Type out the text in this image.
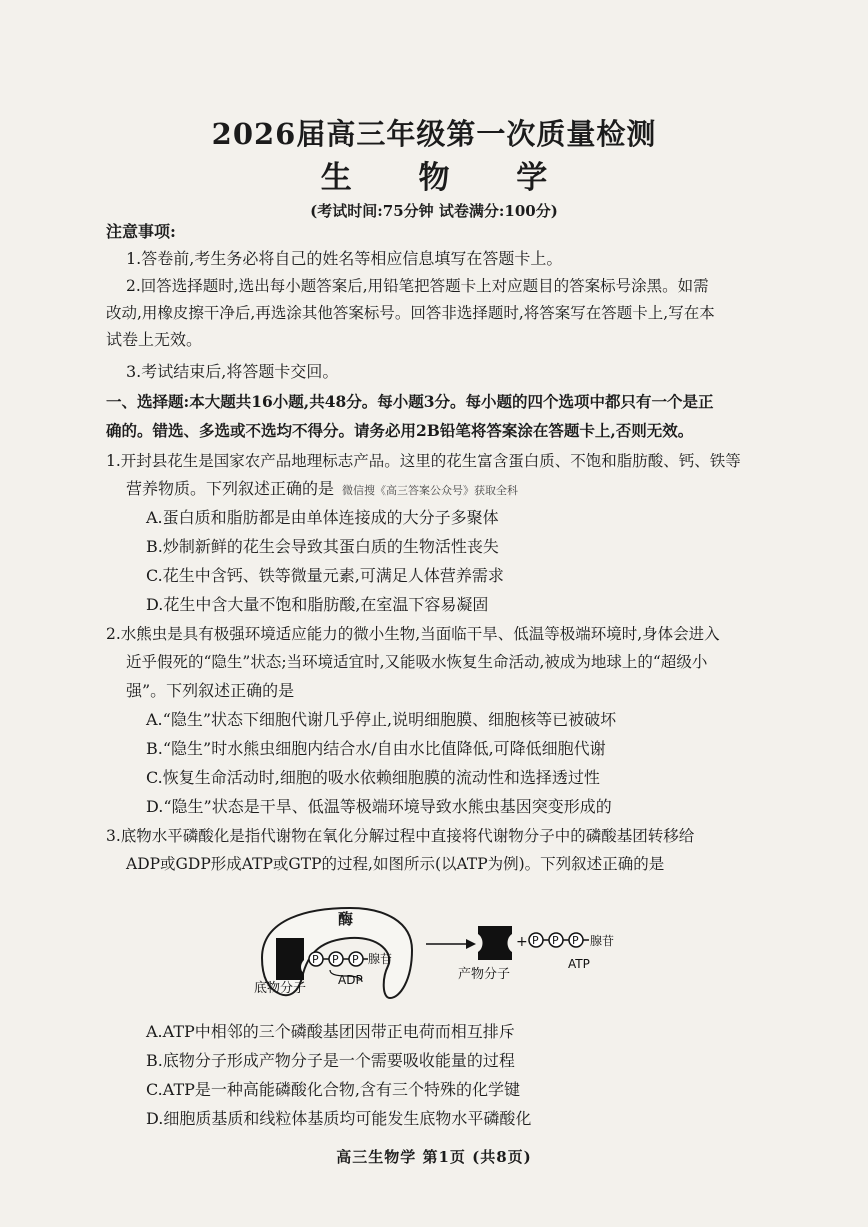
2026届高三年级第一次质量检测
生 物 学
(考试时间:75分钟 试卷满分:100分)
注意事项:
1.答卷前,考生务必将自己的姓名等相应信息填写在答题卡上。
2.回答选择题时,选出每小题答案后,用铅笔把答题卡上对应题目的答案标号涂黑。如需
改动,用橡皮擦干净后,再选涂其他答案标号。回答非选择题时,将答案写在答题卡上,写在本
试卷上无效。
3.考试结束后,将答题卡交回。
一、选择题:本大题共16小题,共48分。每小题3分。每小题的四个选项中都只有一个是正
确的。错选、多选或不选均不得分。请务必用2B铅笔将答案涂在答题卡上,否则无效。
1.开封县花生是国家农产品地理标志产品。这里的花生富含蛋白质、不饱和脂肪酸、钙、铁等
营养物质。下列叙述正确的是 微信搜《高三答案公众号》获取全科
A.蛋白质和脂肪都是由单体连接成的大分子多聚体
B.炒制新鲜的花生会导致其蛋白质的生物活性丧失
C.花生中含钙、铁等微量元素,可满足人体营养需求
D.花生中含大量不饱和脂肪酸,在室温下容易凝固
2.水熊虫是具有极强环境适应能力的微小生物,当面临干旱、低温等极端环境时,身体会进入
近乎假死的“隐生”状态;当环境适宜时,又能吸水恢复生命活动,被成为地球上的“超级小
强”。下列叙述正确的是
A.“隐生”状态下细胞代谢几乎停止,说明细胞膜、细胞核等已被破坏
B.“隐生”时水熊虫细胞内结合水/自由水比值降低,可降低细胞代谢
C.恢复生命活动时,细胞的吸水依赖细胞膜的流动性和选择透过性
D.“隐生”状态是干旱、低温等极端环境导致水熊虫基因突变形成的
3.底物水平磷酸化是指代谢物在氧化分解过程中直接将代谢物分子中的磷酸基团转移给
ADP或GDP形成ATP或GTP的过程,如图所示(以ATP为例)。下列叙述正确的是
酶
P P P 腺苷
ADP
底物分子
产物分子
+ P P P 腺苷
ATP
A.ATP中相邻的三个磷酸基团因带正电荷而相互排斥
B.底物分子形成产物分子是一个需要吸收能量的过程
C.ATP是一种高能磷酸化合物,含有三个特殊的化学键
D.细胞质基质和线粒体基质均可能发生底物水平磷酸化
高三生物学 第1页 (共8页)
